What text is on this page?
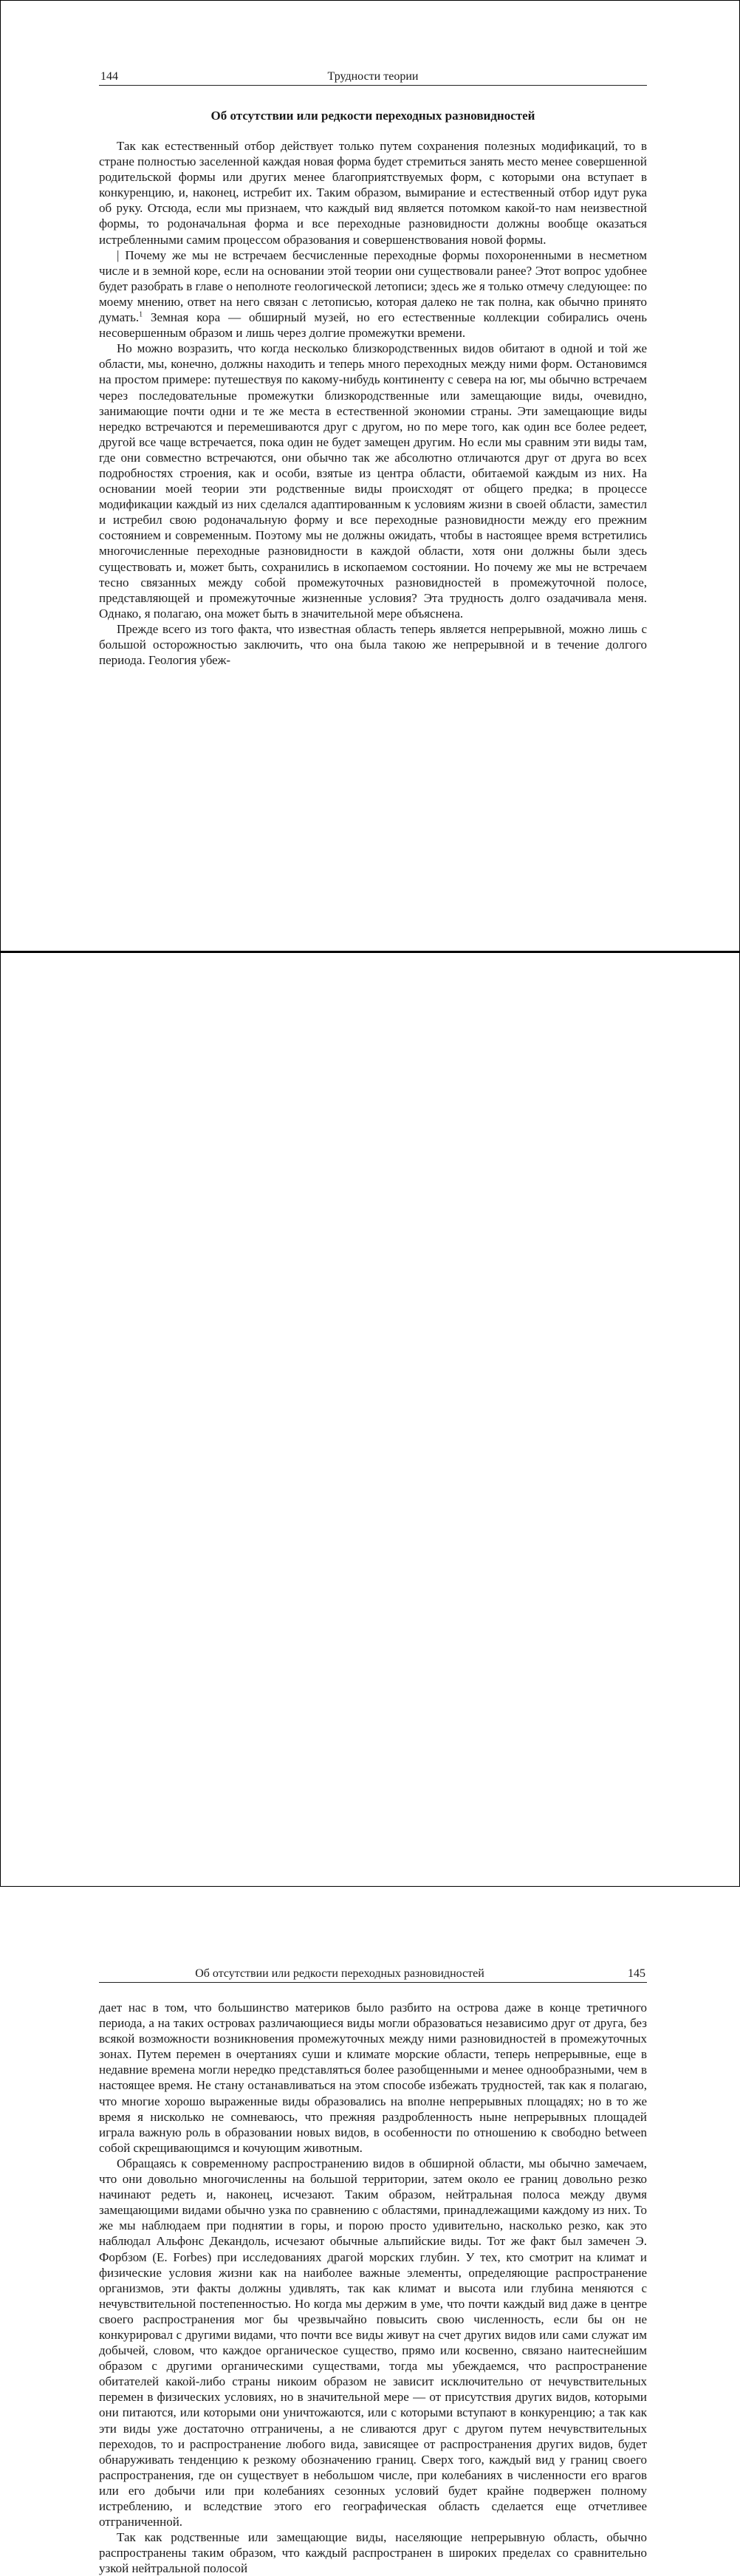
144	Трудности теории
Об отсутствии или редкости переходных разновидностей

Так как естественный отбор действует только путем сохранения полезных модификаций, то в стране полностью заселенной каждая новая форма будет стремиться занять место менее совершенной родительской формы или других менее благоприятствуемых форм, с которыми она вступает в конкуренцию, и, наконец, истребит их. Таким образом, вымирание и естественный отбор идут рука об руку. Отсюда, если мы признаем, что каждый вид является потомком какой-то нам неизвестной формы, то родоначальная форма и все переходные разновидности должны вообще оказаться истребленными самим процессом образования и совершенствования новой формы.

| Почему же мы не встречаем бесчисленные переходные формы похороненными в несметном числе и в земной коре, если на основании этой теории они существовали ранее? Этот вопрос удобнее будет разобрать в главе о неполноте геологической летописи; здесь же я только отмечу следующее: по моему мнению, ответ на него связан с летописью, которая далеко не так полна, как обычно принято думать.$^1$ Земная кора — обширный музей, но его естественные коллекции собирались очень несовершенным образом и лишь через долгие промежутки времени.

Но можно возразить, что когда несколько близкородственных видов обитают в одной и той же области, мы, конечно, должны находить и теперь много переходных между ними форм. Остановимся на простом примере: путешествуя по какому-нибудь континенту с севера на юг, мы обычно встречаем через последовательные промежутки близкородственные или замещающие виды, очевидно, занимающие почти одни и те же места в естественной экономии страны. Эти замещающие виды нередко встречаются и перемешиваются друг с другом, но по мере того, как один все более редеет, другой все чаще встречается, пока один не будет замещен другим. Но если мы сравним эти виды там, где они совместно встречаются, они обычно так же абсолютно отличаются друг от друга во всех подробностях строения, как и особи, взятые из центра области, обитаемой каждым из них. На основании моей теории эти родственные виды происходят от общего предка; в процессе модификации каждый из них сделался адаптированным к условиям жизни в своей области, заместил и истребил свою родоначальную форму и все переходные разновидности между его прежним состоянием и современным. Поэтому мы не должны ожидать, чтобы в настоящее время встретились многочисленные переходные разновидности в каждой области, хотя они должны были здесь существовать и, может быть, сохранились в ископаемом состоянии. Но почему же мы не встречаем тесно связанных между собой промежуточных разновидностей в промежуточной полосе, представляющей и промежуточные жизненные условия? Эта трудность долго озадачивала меня. Однако, я полагаю, она может быть в значительной мере объяснена.

Прежде всего из того факта, что известная область теперь является непрерывной, можно лишь с большой осторожностью заключить, что она была такою же непрерывной и в течение долгого периода. Геология убеж-

Об отсутствии или редкости переходных разновидностей	145

дает нас в том, что большинство материков было разбито на острова даже в конце третичного периода, а на таких островах различающиеся виды могли образоваться независимо друг от друга, без всякой возможности возникновения промежуточных между ними разновидностей в промежуточных зонах. Путем перемен в очертаниях суши и климате морские области, теперь непрерывные, еще в недавние времена могли нередко представляться более разобщенными и менее однообразными, чем в настоящее время. Не стану останавливаться на этом способе избежать трудностей, так как я полагаю, что многие хорошо выраженные виды образовались на вполне непрерывных площадях; но в то же время я нисколько не сомневаюсь, что прежняя раздробленность ныне непрерывных площадей играла важную роль в образовании новых видов, в особенности по отношению к свободно between собой скрещивающимся и кочующим животным.

Обращаясь к современному распространению видов в обширной области, мы обычно замечаем, что они довольно многочисленны на большой территории, затем около ее границ довольно резко начинают редеть и, наконец, исчезают. Таким образом, нейтральная полоса между двумя замещающими видами обычно узка по сравнению с областями, принадлежащими каждому из них. То же мы наблюдаем при поднятии в горы, и порою просто удивительно, насколько резко, как это наблюдал Альфонс Декандоль, исчезают обычные альпийские виды. Тот же факт был замечен Э. Форбзом (E. Forbes) при исследованиях драгой морских глубин. У тех, кто смотрит на климат и физические условия жизни как на наиболее важные элементы, определяющие распространение организмов, эти факты должны удивлять, так как климат и высота или глубина меняются с нечувствительной постепенностью. Но когда мы держим в уме, что почти каждый вид даже в центре своего распространения мог бы чрезвычайно повысить свою численность, если бы он не конкурировал с другими видами, что почти все виды живут на счет других видов или сами служат им добычей, словом, что каждое органическое существо, прямо или косвенно, связано наитеснейшим образом с другими органическими существами, тогда мы убеждаемся, что распространение обитателей какой-либо страны никоим образом не зависит исключительно от нечувствительных перемен в физических условиях, но в значительной мере — от присутствия других видов, которыми они питаются, или которыми они уничтожаются, или с которыми вступают в конкуренцию; а так как эти виды уже достаточно отграничены, а не сливаются друг с другом путем нечувствительных переходов, то и распространение любого вида, зависящее от распространения других видов, будет обнаруживать тенденцию к резкому обозначению границ. Сверх того, каждый вид у границ своего распространения, где он существует в небольшом числе, при колебаниях в численности его врагов или его добычи или при колебаниях сезонных условий будет крайне подвержен полному истреблению, и вследствие этого его географическая область сделается еще отчетливее отграниченной.

Так как родственные или замещающие виды, населяющие непрерывную область, обычно распространены таким образом, что каждый распространен в широких пределах со сравнительно узкой нейтральной полосой
